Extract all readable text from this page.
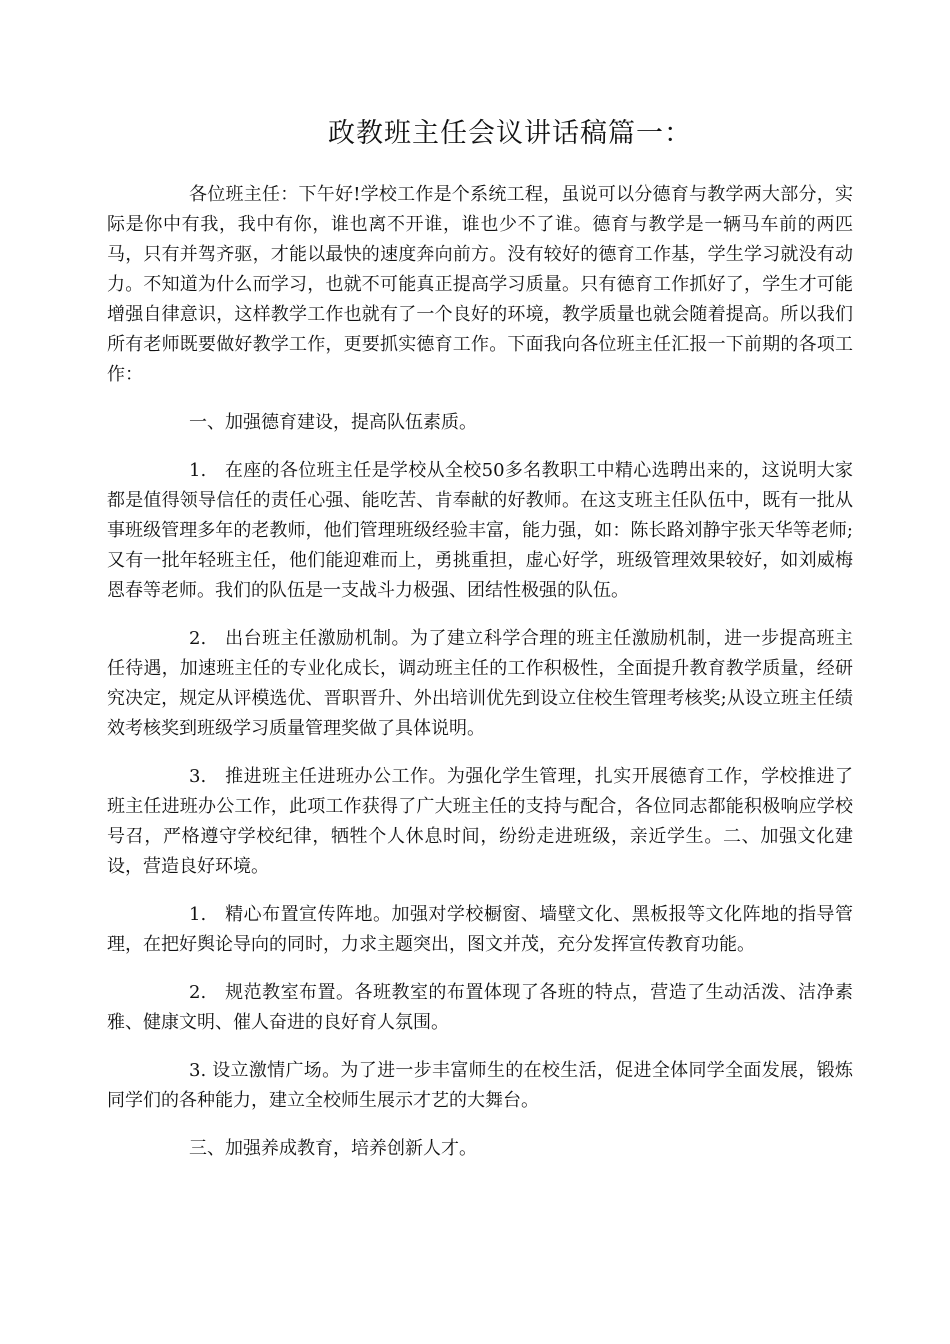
政教班主任会议讲话稿篇一：

各位班主任：下午好!学校工作是个系统工程，虽说可以分德育与教学两大部分，实际是你中有我，我中有你，谁也离不开谁，谁也少不了谁。德育与教学是一辆马车前的两匹马，只有并驾齐驱，才能以最快的速度奔向前方。没有较好的德育工作基，学生学习就没有动力。不知道为什么而学习，也就不可能真正提高学习质量。只有德育工作抓好了，学生才可能增强自律意识，这样教学工作也就有了一个良好的环境，教学质量也就会随着提高。所以我们所有老师既要做好教学工作，更要抓实德育工作。下面我向各位班主任汇报一下前期的各项工作：

一、加强德育建设，提高队伍素质。

1.　在座的各位班主任是学校从全校50多名教职工中精心选聘出来的，这说明大家都是值得领导信任的责任心强、能吃苦、肯奉献的好教师。在这支班主任队伍中，既有一批从事班级管理多年的老教师，他们管理班级经验丰富，能力强，如：陈长路刘静宇张天华等老师;又有一批年轻班主任，他们能迎难而上，勇挑重担，虚心好学，班级管理效果较好，如刘威梅恩春等老师。我们的队伍是一支战斗力极强、团结性极强的队伍。

2.　出台班主任激励机制。为了建立科学合理的班主任激励机制，进一步提高班主任待遇，加速班主任的专业化成长，调动班主任的工作积极性，全面提升教育教学质量，经研究决定，规定从评模选优、晋职晋升、外出培训优先到设立住校生管理考核奖;从设立班主任绩效考核奖到班级学习质量管理奖做了具体说明。

3.　推进班主任进班办公工作。为强化学生管理，扎实开展德育工作，学校推进了班主任进班办公工作，此项工作获得了广大班主任的支持与配合，各位同志都能积极响应学校号召，严格遵守学校纪律，牺牲个人休息时间，纷纷走进班级，亲近学生。二、加强文化建设，营造良好环境。

1.　精心布置宣传阵地。加强对学校橱窗、墙壁文化、黑板报等文化阵地的指导管理，在把好舆论导向的同时，力求主题突出，图文并茂，充分发挥宣传教育功能。

2.　规范教室布置。各班教室的布置体现了各班的特点，营造了生动活泼、洁净素雅、健康文明、催人奋进的良好育人氛围。

3. 设立激情广场。为了进一步丰富师生的在校生活，促进全体同学全面发展，锻炼同学们的各种能力，建立全校师生展示才艺的大舞台。

三、加强养成教育，培养创新人才。
